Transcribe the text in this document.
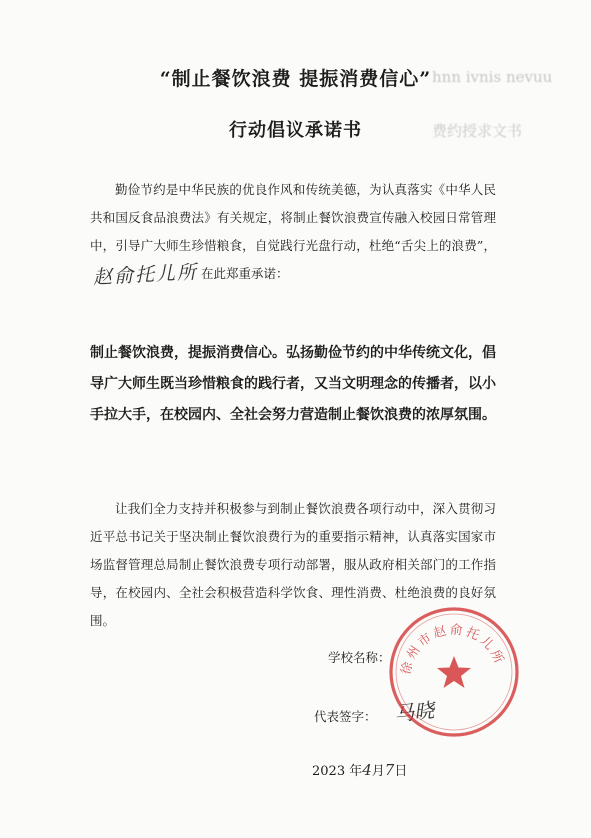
hnn ivnis nevuu
费约授求文书
“制止餐饮浪费 提振消费信心”
行动倡议承诺书
勤俭节约是中华民族的优良作风和传统美德，为认真落实《中华人民共和国反食品浪费法》有关规定，将制止餐饮浪费宣传融入校园日常管理中，引导广大师生珍惜粮食，自觉践行光盘行动，杜绝“舌尖上的浪费”，赵俞托儿所 在此郑重承诺：
制止餐饮浪费，提振消费信心。弘扬勤俭节约的中华传统文化，倡导广大师生既当珍惜粮食的践行者，又当文明理念的传播者，以小手拉大手，在校园内、全社会努力营造制止餐饮浪费的浓厚氛围。
让我们全力支持并积极参与到制止餐饮浪费各项行动中，深入贯彻习近平总书记关于坚决制止餐饮浪费行为的重要指示精神，认真落实国家市场监督管理总局制止餐饮浪费专项行动部署，服从政府相关部门的工作指导，在校园内、全社会积极营造科学饮食、理性消费、杜绝浪费的良好氛围。
学校名称：
代表签字： 马晓
2023 年4月7日
徐州市赵俞托儿所
